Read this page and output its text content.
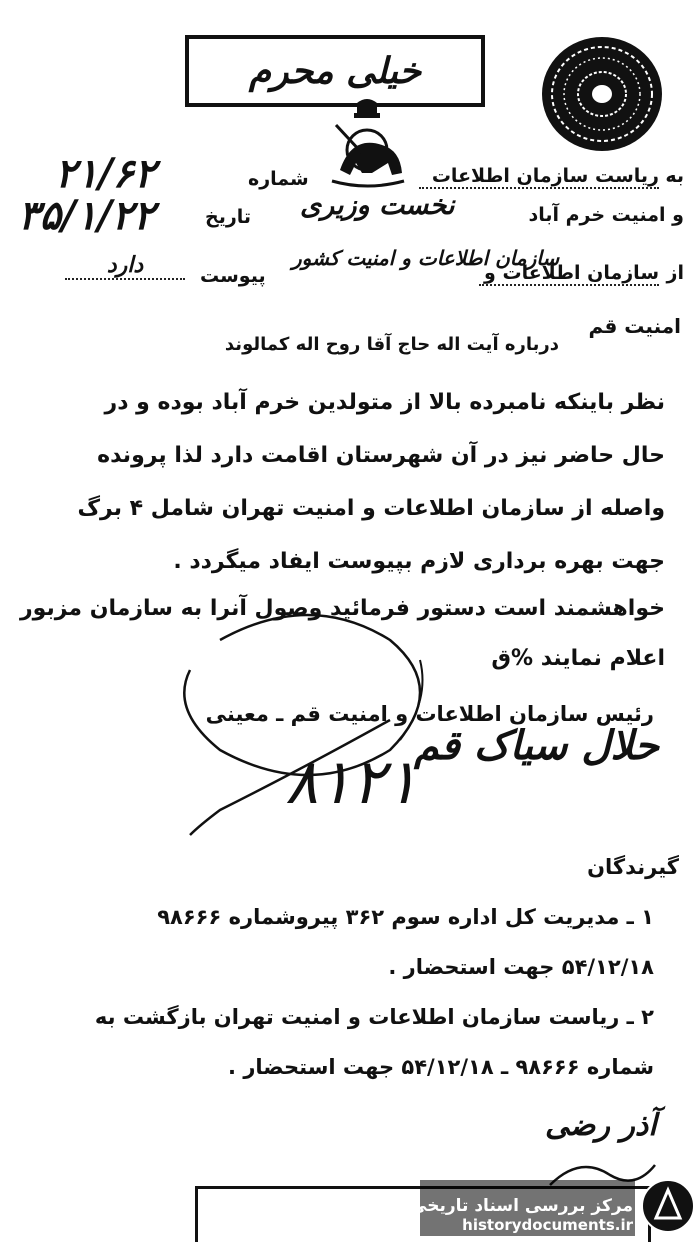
خیلی محرم
به
ریاست سازمان اطلاعات
شماره
۲۱/۶۲
و امنیت خرم آباد
نخست وزیری
تاریخ
۳۵/۱/۲۲
از
سازمان اطلاعات و
سازمان اطلاعات و امنیت کشور
پیوست
دارد
امنیت قم
درباره آیت اله حاج آقا روح اله کمالوند
نظر باینکه نامبرده بالا از متولدین خرم آباد بوده و در
حال حاضر نیز در آن شهرستان اقامت دارد لذا پرونده
واصله از سازمان اطلاعات و امنیت تهران شامل ۴ برگ
جهت بهره برداری لازم بپیوست ایفاد میگردد .
خواهشمند است دستور فرمائید وصول آنرا به سازمان مزبور
اعلام نمایند %ق
رئیس سازمان اطلاعات و امنیت قم ـ معینی
حلال سیاک قم
۸۱۲۱
گیرندگان
۱ ـ مدیریت کل اداره سوم ۳۶۲ پیروشماره ۹۸۶۶۶
۵۴/۱۲/۱۸ جهت استحضار .
۲ ـ ریاست سازمان اطلاعات و امنیت تهران بازگشت به
شماره ۹۸۶۶۶ ـ ۵۴/۱۲/۱۸ جهت استحضار .
آذر رضی
مرکز بررسی اسناد تاریخی
historydocuments.ir
